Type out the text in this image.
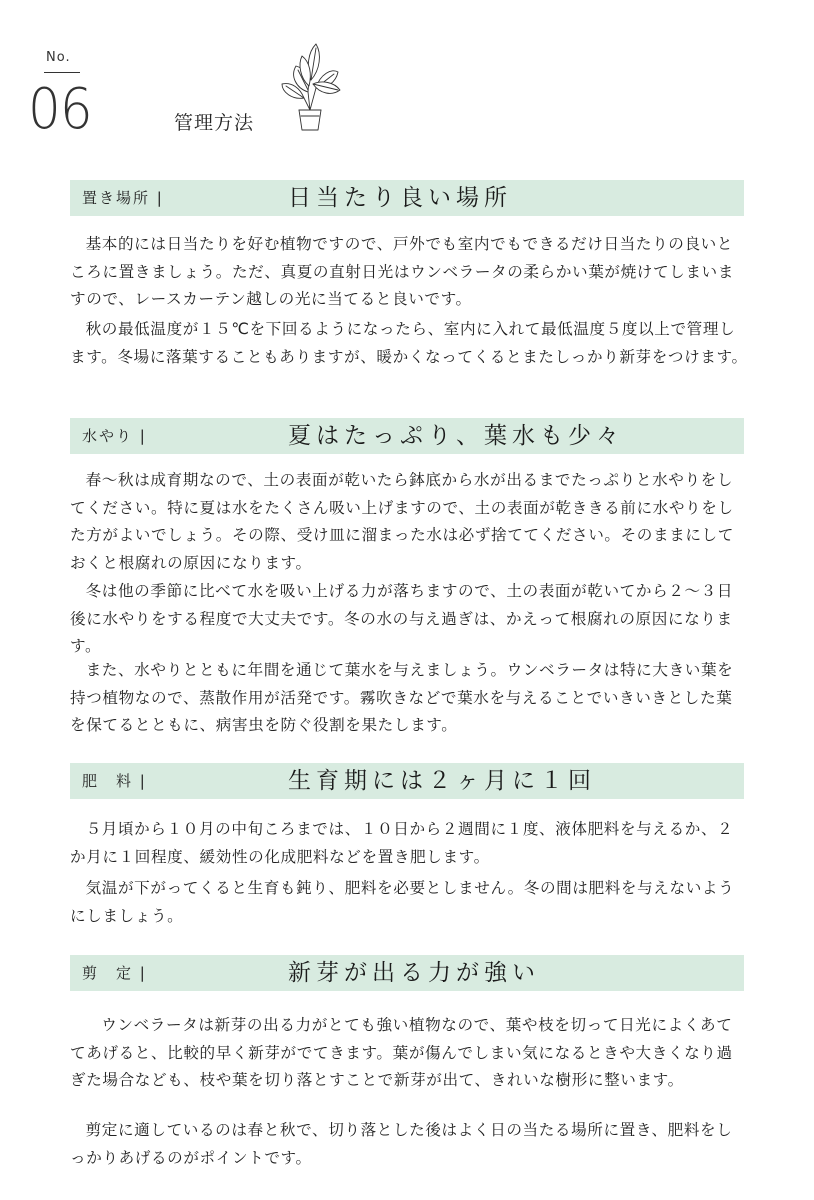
No.
06	管理方法
置き場所 |	日当たり良い場所

基本的には日当たりを好む植物ですので、戸外でも室内でもできるだけ日当たりの良いところに置きましょう。ただ、真夏の直射日光はウンベラータの柔らかい葉が焼けてしまいますので、レースカーテン越しの光に当てると良いです。

秋の最低温度が１５℃を下回るようになったら、室内に入れて最低温度５度以上で管理します。冬場に落葉することもありますが、暖かくなってくるとまたしっかり新芽をつけます。

水やり |	夏はたっぷり、葉水も少々

春〜秋は成育期なので、土の表面が乾いたら鉢底から水が出るまでたっぷりと水やりをしてください。特に夏は水をたくさん吸い上げますので、土の表面が乾ききる前に水やりをした方がよいでしょう。その際、受け皿に溜まった水は必ず捨ててください。そのままにしておくと根腐れの原因になります。

冬は他の季節に比べて水を吸い上げる力が落ちますので、土の表面が乾いてから２〜３日後に水やりをする程度で大丈夫です。冬の水の与え過ぎは、かえって根腐れの原因になります。

また、水やりとともに年間を通じて葉水を与えましょう。ウンベラータは特に大きい葉を持つ植物なので、蒸散作用が活発です。霧吹きなどで葉水を与えることでいきいきとした葉を保てるとともに、病害虫を防ぐ役割を果たします。

肥　料 |	生育期には２ヶ月に１回

５月頃から１０月の中旬ころまでは、１０日から２週間に１度、液体肥料を与えるか、２か月に１回程度、緩効性の化成肥料などを置き肥します。

気温が下がってくると生育も鈍り、肥料を必要としません。冬の間は肥料を与えないようにしましょう。

剪　定 |	新芽が出る力が強い

ウンベラータは新芽の出る力がとても強い植物なので、葉や枝を切って日光によくあててあげると、比較的早く新芽がでてきます。葉が傷んでしまい気になるときや大きくなり過ぎた場合なども、枝や葉を切り落とすことで新芽が出て、きれいな樹形に整います。

剪定に適しているのは春と秋で、切り落とした後はよく日の当たる場所に置き、肥料をしっかりあげるのがポイントです。
